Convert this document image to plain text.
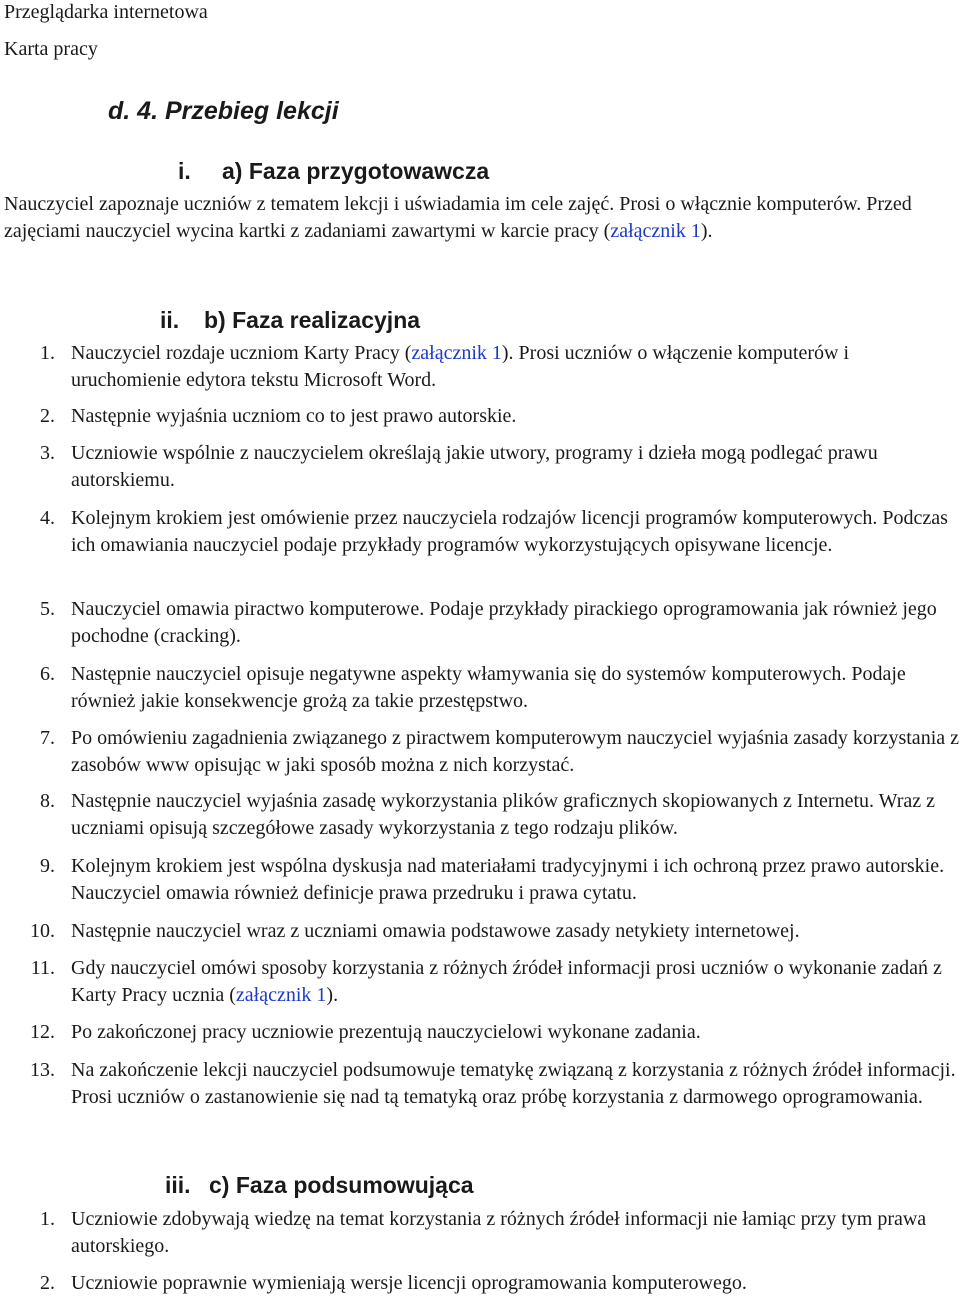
Przeglądarka internetowa
Karta pracy
d. 4. Przebieg lekcji
i. a) Faza przygotowawcza

Nauczyciel zapoznaje uczniów z tematem lekcji i uświadamia im cele zajęć. Prosi o włącznie komputerów. Przed zajęciami nauczyciel wycina kartki z zadaniami zawartymi w karcie pracy (załącznik 1).

ii. b) Faza realizacyjna
1. Nauczyciel rozdaje uczniom Karty Pracy (załącznik 1). Prosi uczniów o włączenie komputerów i uruchomienie edytora tekstu Microsoft Word.

2. Następnie wyjaśnia uczniom co to jest prawo autorskie.

3. Uczniowie wspólnie z nauczycielem określają jakie utwory, programy i dzieła mogą podlegać prawu autorskiemu.

4. Kolejnym krokiem jest omówienie przez nauczyciela rodzajów licencji programów komputerowych. Podczas ich omawiania nauczyciel podaje przykłady programów wykorzystujących opisywane licencje.

5. Nauczyciel omawia piractwo komputerowe. Podaje przykłady pirackiego oprogramowania jak również jego pochodne (cracking).

6. Następnie nauczyciel opisuje negatywne aspekty włamywania się do systemów komputerowych. Podaje również jakie konsekwencje grożą za takie przestępstwo.

7. Po omówieniu zagadnienia związanego z piractwem komputerowym nauczyciel wyjaśnia zasady korzystania z zasobów www opisując w jaki sposób można z nich korzystać.

8. Następnie nauczyciel wyjaśnia zasadę wykorzystania plików graficznych skopiowanych z Internetu. Wraz z uczniami opisują szczegółowe zasady wykorzystania z tego rodzaju plików.

9. Kolejnym krokiem jest wspólna dyskusja nad materiałami tradycyjnymi i ich ochroną przez prawo autorskie. Nauczyciel omawia również definicje prawa przedruku i prawa cytatu.

10. Następnie nauczyciel wraz z uczniami omawia podstawowe zasady netykiety internetowej.

11. Gdy nauczyciel omówi sposoby korzystania z różnych źródeł informacji prosi uczniów o wykonanie zadań z Karty Pracy ucznia (załącznik 1).

12. Po zakończonej pracy uczniowie prezentują nauczycielowi wykonane zadania.

13. Na zakończenie lekcji nauczyciel podsumowuje tematykę związaną z korzystania z różnych źródeł informacji. Prosi uczniów o zastanowienie się nad tą tematyką oraz próbę korzystania z darmowego oprogramowania.

iii. c) Faza podsumowująca
1. Uczniowie zdobywają wiedzę na temat korzystania z różnych źródeł informacji nie łamiąc przy tym prawa autorskiego.

2. Uczniowie poprawnie wymieniają wersje licencji oprogramowania komputerowego.
